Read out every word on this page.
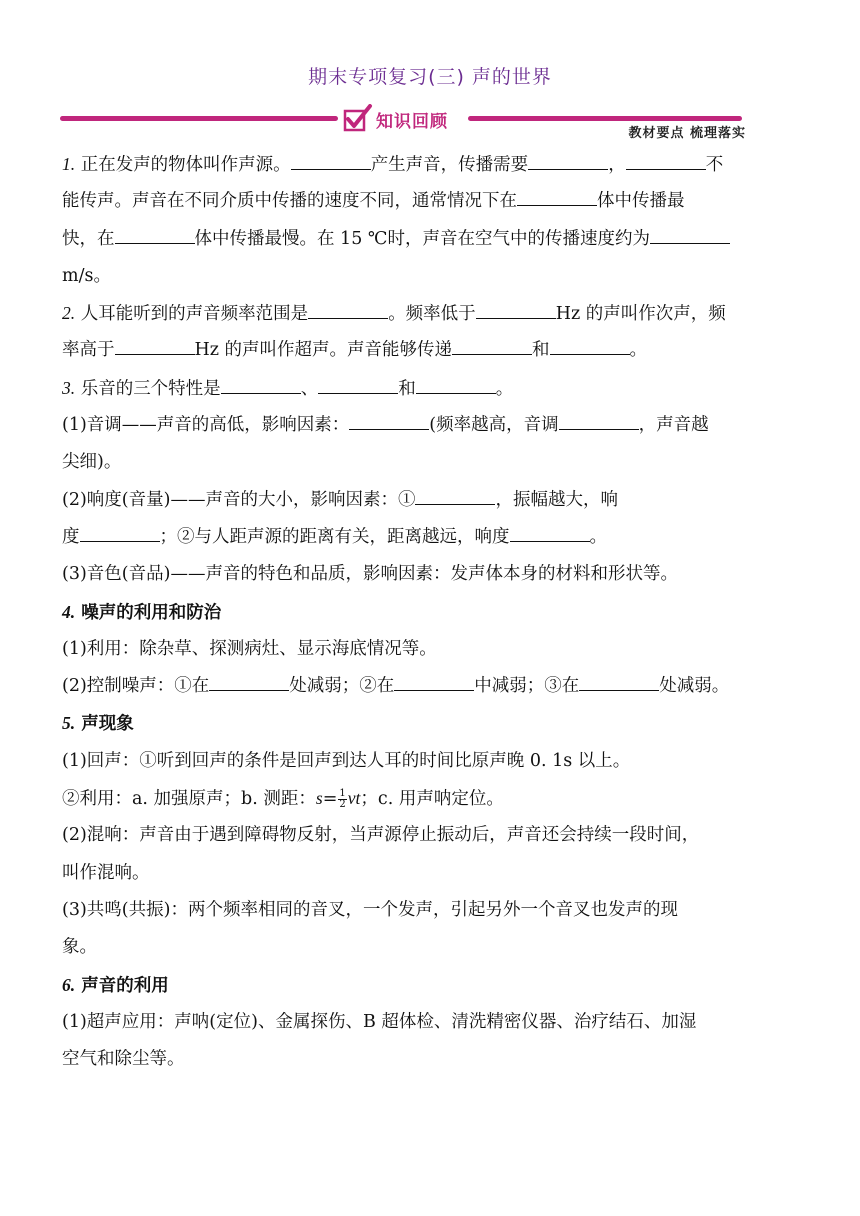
期末专项复习(三) 声的世界
知识回顾
教材要点 梳理落实
1. 正在发声的物体叫作声源。	产生声音，传播需要	，	不
能传声。声音在不同介质中传播的速度不同，通常情况下在	体中传播最
快，在	体中传播最慢。在 15 ℃时，声音在空气中的传播速度约为
m/s。
2. 人耳能听到的声音频率范围是	。频率低于	Hz 的声叫作次声，频
率高于	Hz 的声叫作超声。声音能够传递	和	。
3. 乐音的三个特性是	、	和	。
(1)音调——声音的高低，影响因素：	(频率越高，音调	，声音越
尖细)。
(2)响度(音量)——声音的大小，影响因素：①	，振幅越大，响
度	；②与人距声源的距离有关，距离越远，响度	。
(3)音色(音品)——声音的特色和品质，影响因素：发声体本身的材料和形状等。
4. 噪声的利用和防治
(1)利用：除杂草、探测病灶、显示海底情况等。
(2)控制噪声：①在	处减弱；②在	中减弱；③在	处减弱。
5. 声现象
(1)回声：①听到回声的条件是回声到达人耳的时间比原声晚 0. 1s 以上。
②利用：a. 加强原声；b. 测距：$s= \frac{1}{2}$ vt；c. 用声呐定位。
(2)混响：声音由于遇到障碍物反射，当声源停止振动后，声音还会持续一段时间，
叫作混响。
(3)共鸣(共振)：两个频率相同的音叉，一个发声，引起另外一个音叉也发声的现
象。
6. 声音的利用
(1)超声应用：声呐(定位)、金属探伤、B 超体检、清洗精密仪器、治疗结石、加湿
空气和除尘等。
